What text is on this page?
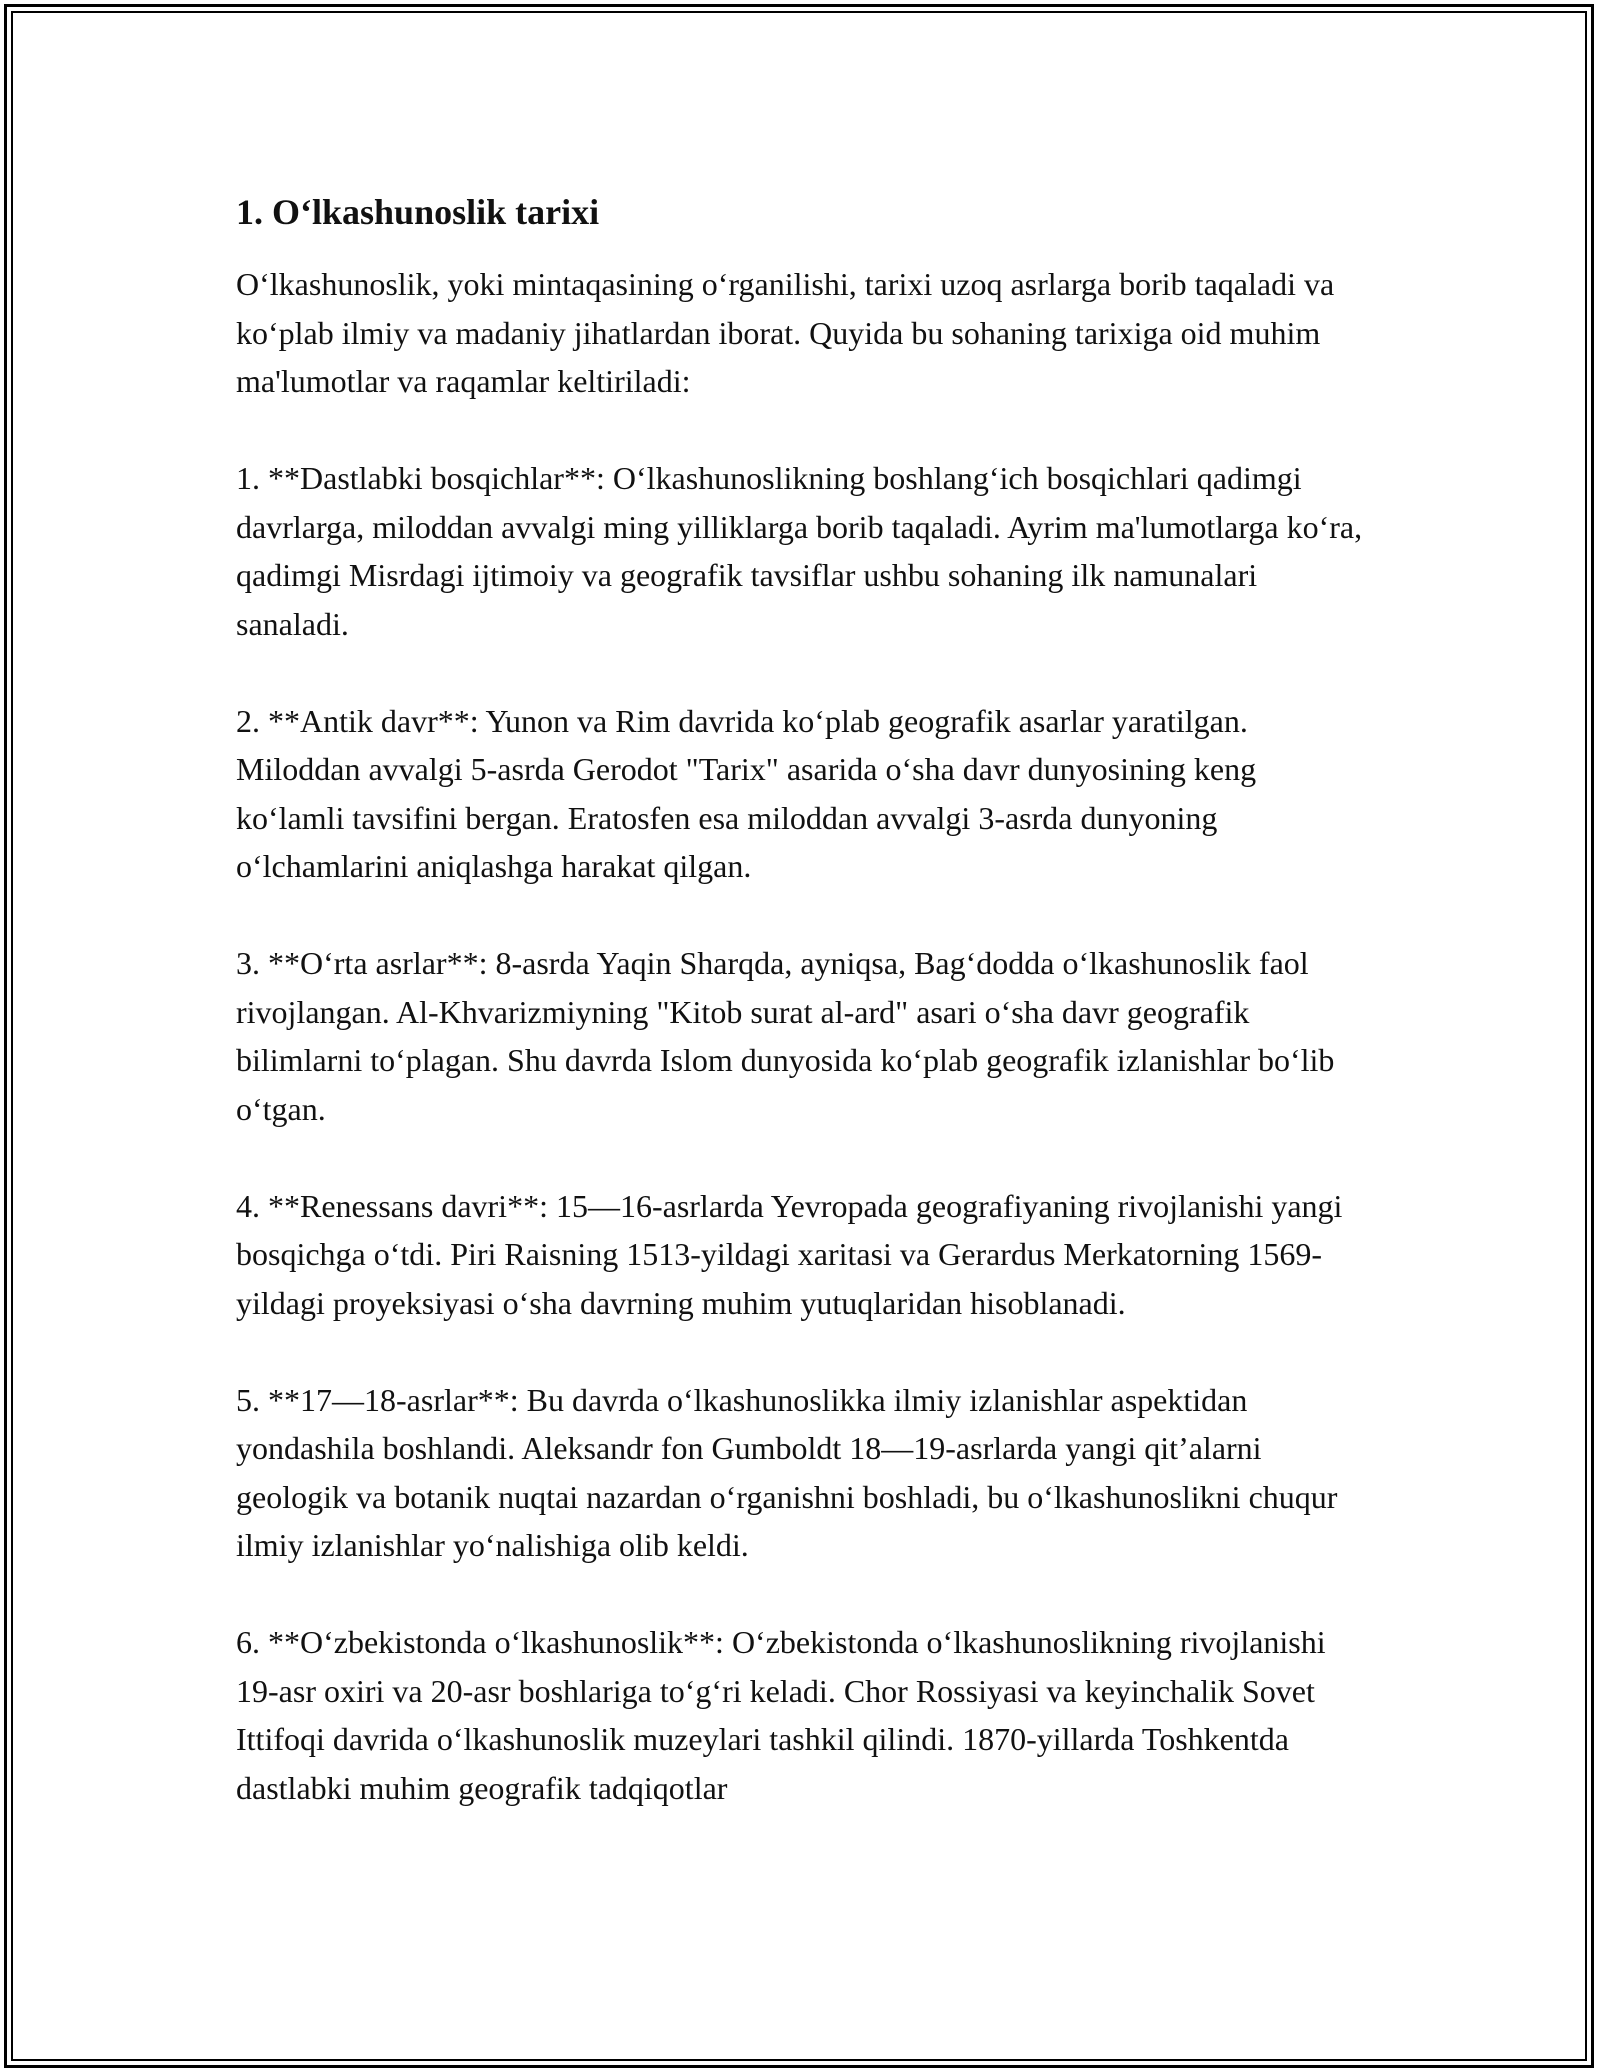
1. O‘lkashunoslik tarixi

O‘lkashunoslik, yoki mintaqasining o‘rganilishi, tarixi uzoq asrlarga borib taqaladi va ko‘plab ilmiy va madaniy jihatlardan iborat. Quyida bu sohaning tarixiga oid muhim ma'lumotlar va raqamlar keltiriladi:

1. **Dastlabki bosqichlar**: O‘lkashunoslikning boshlang‘ich bosqichlari qadimgi davrlarga, miloddan avvalgi ming yilliklarga borib taqaladi. Ayrim ma'lumotlarga ko‘ra, qadimgi Misrdagi ijtimoiy va geografik tavsiflar ushbu sohaning ilk namunalari sanaladi.

2. **Antik davr**: Yunon va Rim davrida ko‘plab geografik asarlar yaratilgan. Miloddan avvalgi 5-asrda Gerodot "Tarix" asarida o‘sha davr dunyosining keng ko‘lamli tavsifini bergan. Eratosfen esa miloddan avvalgi 3-asrda dunyoning o‘lchamlarini aniqlashga harakat qilgan.

3. **O‘rta asrlar**: 8-asrda Yaqin Sharqda, ayniqsa, Bag‘dodda o‘lkashunoslik faol rivojlangan. Al-Khvarizmiyning "Kitob surat al-ard" asari o‘sha davr geografik bilimlarni to‘plagan. Shu davrda Islom dunyosida ko‘plab geografik izlanishlar bo‘lib o‘tgan.

4. **Renessans davri**: 15—16-asrlarda Yevropada geografiyaning rivojlanishi yangi bosqichga o‘tdi. Piri Raisning 1513-yildagi xaritasi va Gerardus Merkatorning 1569-yildagi proyeksiyasi o‘sha davrning muhim yutuqlaridan hisoblanadi.

5. **17—18-asrlar**: Bu davrda o‘lkashunoslikka ilmiy izlanishlar aspektidan yondashila boshlandi. Aleksandr fon Gumboldt 18—19-asrlarda yangi qit’alarni geologik va botanik nuqtai nazardan o‘rganishni boshladi, bu o‘lkashunoslikni chuqur ilmiy izlanishlar yo‘nalishiga olib keldi.

6. **O‘zbekistonda o‘lkashunoslik**: O‘zbekistonda o‘lkashunoslikning rivojlanishi 19-asr oxiri va 20-asr boshlariga to‘g‘ri keladi. Chor Rossiyasi va keyinchalik Sovet Ittifoqi davrida o‘lkashunoslik muzeylari tashkil qilindi. 1870-yillarda Toshkentda dastlabki muhim geografik tadqiqotlar
